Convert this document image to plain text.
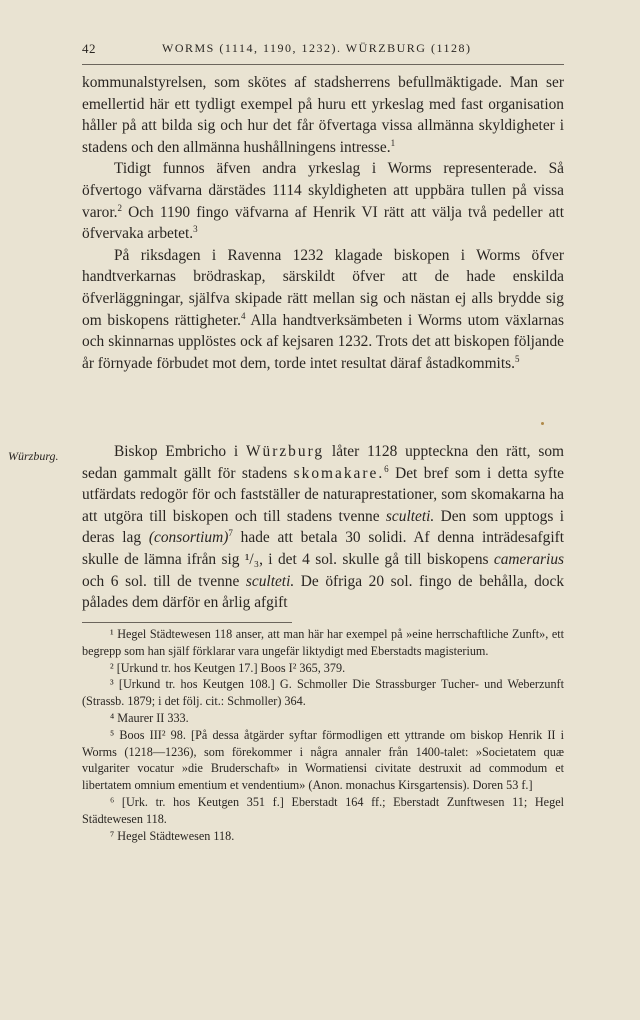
42	WORMS (1114, 1190, 1232). WÜRZBURG (1128)

kommunalstyrelsen, som skötes af stadsherrens befullmäktigade. Man ser emellertid här ett tydligt exempel på huru ett yrkeslag med fast organisation håller på att bilda sig och hur det får öfvertaga vissa allmänna skyldigheter i stadens och den allmänna hushållningens intresse.$^1$

Tidigt funnos äfven andra yrkeslag i Worms representerade. Så öfvertogo väfvarna därstädes 1114 skyldigheten att uppbära tullen på vissa varor.$^2$ Och 1190 fingo väfvarna af Henrik VI rätt att välja två pedeller att öfvervaka arbetet.$^3$

På riksdagen i Ravenna 1232 klagade biskopen i Worms öfver handtverkarnas brödraskap, särskildt öfver att de hade enskilda öfverläggningar, själfva skipade rätt mellan sig och nästan ej alls brydde sig om biskopens rättigheter.$^4$ Alla handtverksämbeten i Worms utom växlarnas och skinnarnas upplöstes ock af kejsaren 1232. Trots det att biskopen följande år förnyade förbudet mot dem, torde intet resultat däraf åstadkommits.$^5$

Würzburg.	Biskop Embricho i Würzburg låter 1128 uppteckna den rätt, som sedan gammalt gällt för stadens skomakare.$^6$ Det bref som i detta syfte utfärdats redogör för och fastställer de naturaprestationer, som skomakarna ha att utgöra till biskopen och till stadens tvenne sculteti. Den som upptogs i deras lag (consortium)$^7$ hade att betala 30 solidi. Af denna inträdesafgift skulle de lämna ifrån sig ¹/₃, i det 4 sol. skulle gå till biskopens camerarius och 6 sol. till de tvenne sculteti. De öfriga 20 sol. fingo de behålla, dock pålades dem därför en årlig afgift

¹ Hegel Städtewesen 118 anser, att man här har exempel på »eine herrschaftliche Zunft», ett begrepp som han själf förklarar vara ungefär liktydigt med Eberstadts magisterium.

² [Urkund tr. hos Keutgen 17.] Boos I² 365, 379.

³ [Urkund tr. hos Keutgen 108.] G. Schmoller Die Strassburger Tucher- und Weberzunft (Strassb. 1879; i det följ. cit.: Schmoller) 364.

⁴ Maurer II 333.

⁵ Boos III² 98. [På dessa åtgärder syftar förmodligen ett yttrande om biskop Henrik II i Worms (1218—1236), som förekommer i några annaler från 1400-talet: »Societatem quæ vulgariter vocatur »die Bruderschaft» in Wormatiensi civitate destruxit ad commodum et libertatem omnium ementium et vendentium» (Anon. monachus Kirsgartensis). Doren 53 f.]

⁶ [Urk. tr. hos Keutgen 351 f.] Eberstadt 164 ff.; Eberstadt Zunftwesen 11; Hegel Städtewesen 118.

⁷ Hegel Städtewesen 118.
